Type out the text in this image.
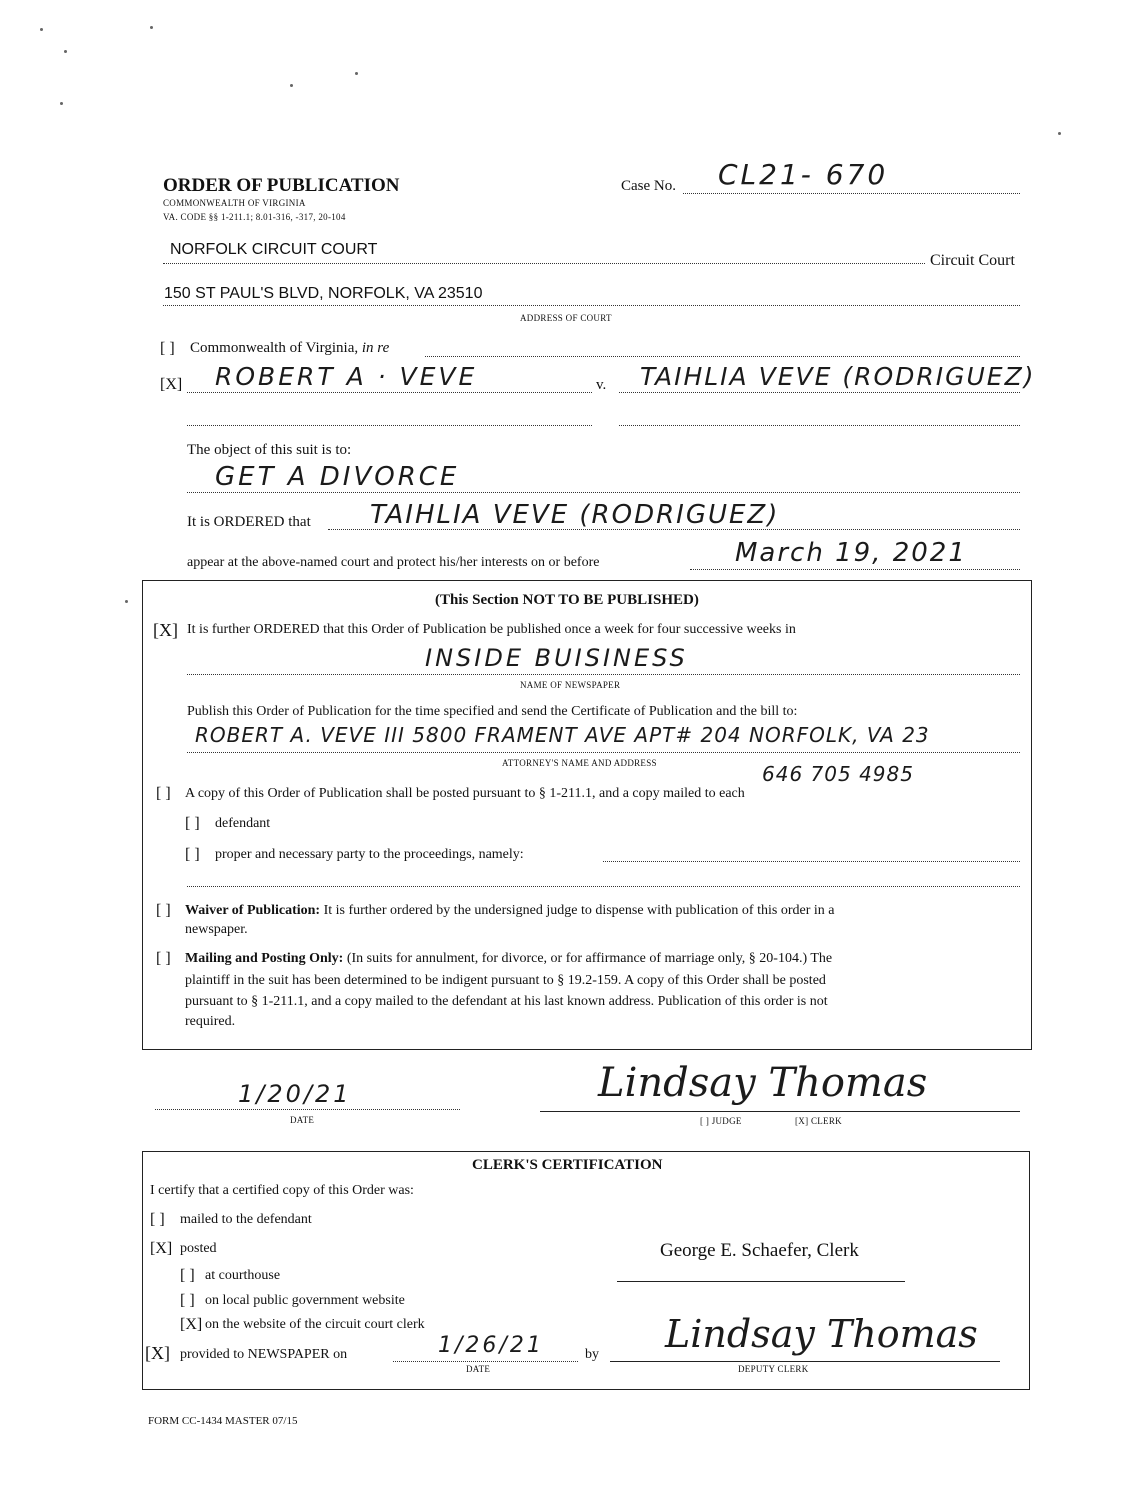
ORDER OF PUBLICATION
COMMONWEALTH OF VIRGINIA
VA. CODE §§ 1-211.1; 8.01-316, -317, 20-104
Case No. CL21- 670
NORFOLK CIRCUIT COURT
Circuit Court
150 ST PAUL'S BLVD, NORFOLK, VA 23510
ADDRESS OF COURT
[ ] Commonwealth of Virginia, in re
[X] ROBERT A · VEVE	v. TAIHLIA VEVE (RODRIGUEZ)
The object of this suit is to:
GET A DIVORCE
It is ORDERED that TAIHLIA VEVE (RODRIGUEZ)
appear at the above-named court and protect his/her interests on or before	March 19, 2021
(This Section NOT TO BE PUBLISHED)
[X] It is further ORDERED that this Order of Publication be published once a week for four successive weeks in
INSIDE BUISINESS
NAME OF NEWSPAPER
Publish this Order of Publication for the time specified and send the Certificate of Publication and the bill to:
ROBERT A. VEVE III 5800 FRAMENT AVE APT# 204 NORFOLK, VA 23
ATTORNEY'S NAME AND ADDRESS	646 705 4985
[ ] A copy of this Order of Publication shall be posted pursuant to § 1-211.1, and a copy mailed to each
[ ] defendant
[ ] proper and necessary party to the proceedings, namely:
[ ] Waiver of Publication: It is further ordered by the undersigned judge to dispense with publication of this order in a
newspaper.
[ ] Mailing and Posting Only: (In suits for annulment, for divorce, or for affirmance of marriage only, § 20-104.) The
plaintiff in the suit has been determined to be indigent pursuant to § 19.2-159. A copy of this Order shall be posted
pursuant to § 1-211.1, and a copy mailed to the defendant at his last known address. Publication of this order is not
required.
1/20/21
DATE
Lindsay Thomas
[ ] JUDGE	[X] CLERK
CLERK'S CERTIFICATION
I certify that a certified copy of this Order was:
[ ] mailed to the defendant
[X] posted	George E. Schaefer, Clerk
[ ] at courthouse
[ ] on local public government website
[X] on the website of the circuit court clerk
[X] provided to NEWSPAPER on	1/26/21
DATE
by Lindsay Thomas
DEPUTY CLERK
FORM CC-1434 MASTER 07/15
